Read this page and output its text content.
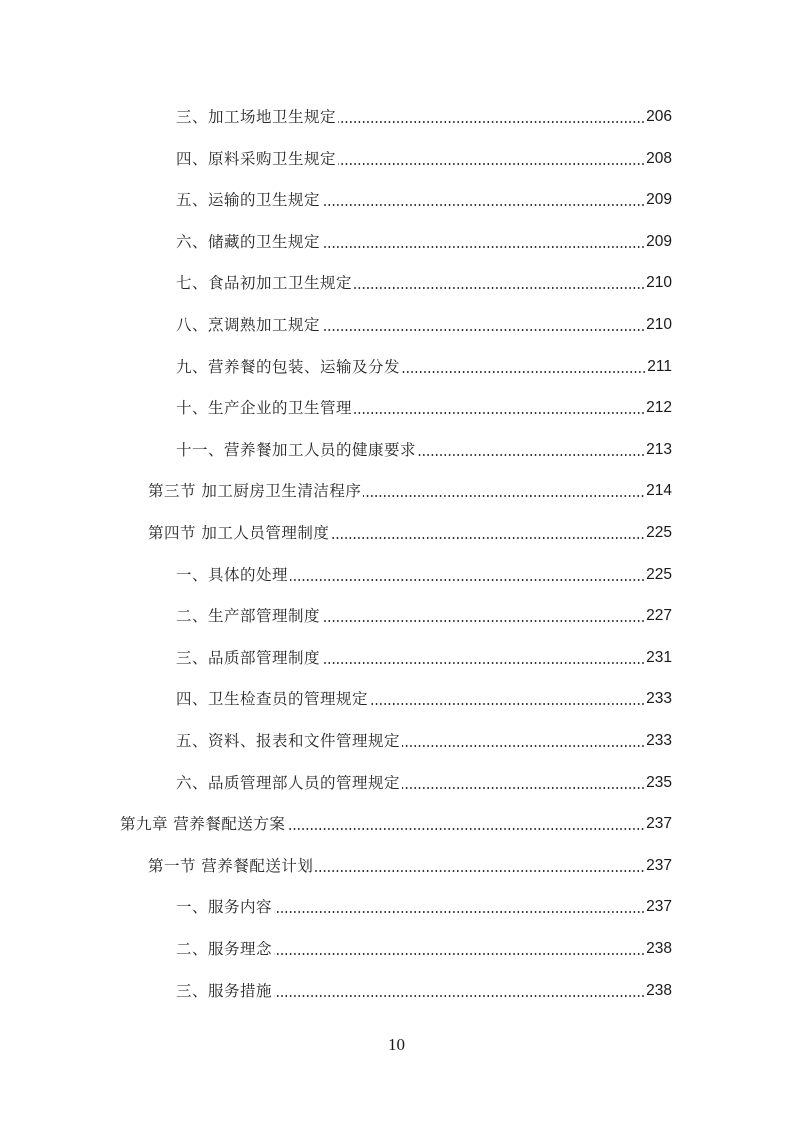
三、加工场地卫生规定	206
四、原料采购卫生规定	208
五、运输的卫生规定	209
六、储藏的卫生规定	209
七、食品初加工卫生规定	210
八、烹调熟加工规定	210
九、营养餐的包装、运输及分发	211
十、生产企业的卫生管理	212
十一、营养餐加工人员的健康要求	213
第三节 加工厨房卫生清洁程序	214
第四节 加工人员管理制度	225
一、具体的处理	225
二、生产部管理制度	227
三、品质部管理制度	231
四、卫生检查员的管理规定	233
五、资料、报表和文件管理规定	233
六、品质管理部人员的管理规定	235
第九章 营养餐配送方案	237
第一节 营养餐配送计划	237
一、服务内容	237
二、服务理念	238
三、服务措施	238
10
